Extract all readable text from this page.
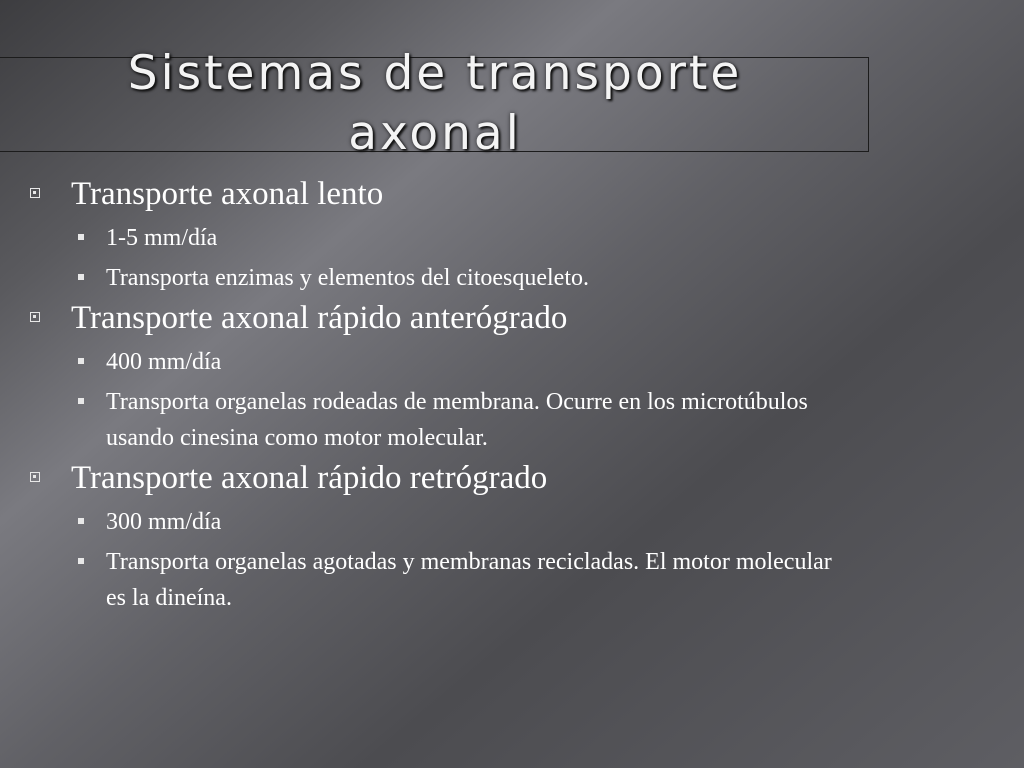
Sistemas de transporte
axonal
Transporte axonal lento
1-5 mm/día
Transporta enzimas y elementos del citoesqueleto.
Transporte axonal rápido anterógrado
400 mm/día
Transporta organelas rodeadas de membrana. Ocurre en los microtúbulos usando cinesina como motor molecular.
Transporte axonal rápido retrógrado
300 mm/día
Transporta organelas agotadas y membranas recicladas. El motor molecular es la dineína.
